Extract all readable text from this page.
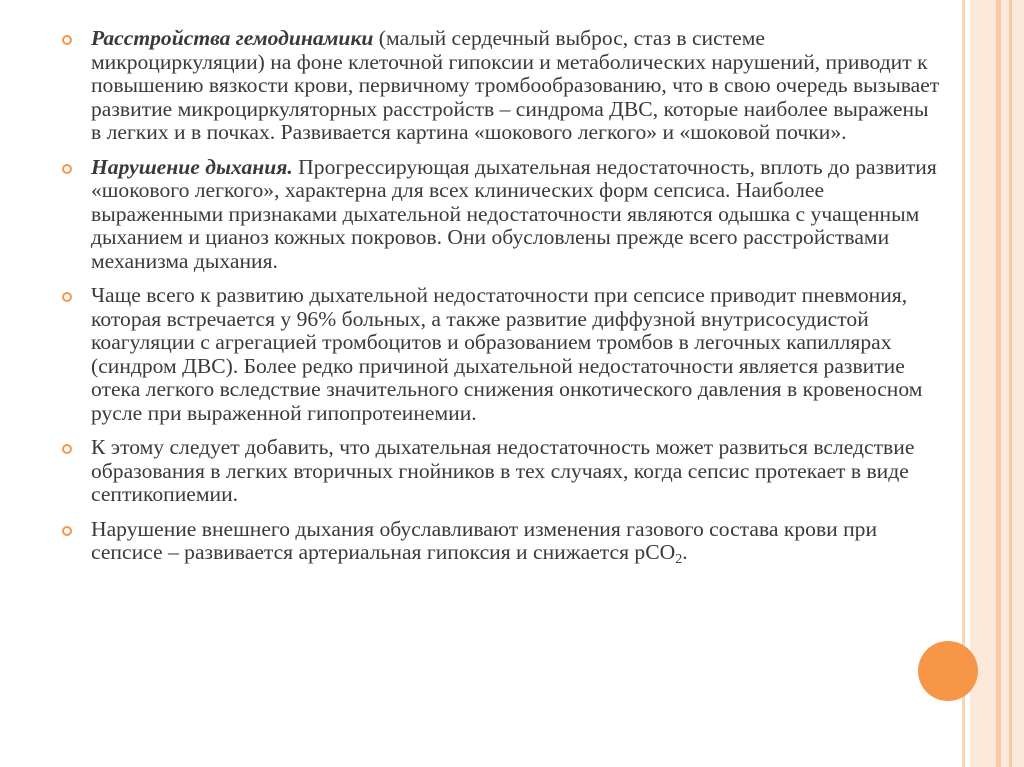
Расстройства гемодинамики (малый сердечный выброс, стаз в системе микроциркуляции) на фоне клеточной гипоксии и метаболических нарушений, приводит к повышению вязкости крови, первичному тромбообразованию, что в свою очередь вызывает развитие микроциркуляторных расстройств – синдрома ДВС, которые наиболее выражены в легких и в почках. Развивается картина «шокового легкого» и «шоковой почки».
Нарушение дыхания. Прогрессирующая дыхательная недостаточность, вплоть до развития «шокового легкого», характерна для всех клинических форм сепсиса. Наиболее выраженными признаками дыхательной недостаточности являются одышка с учащенным дыханием и цианоз кожных покровов. Они обусловлены прежде всего расстройствами механизма дыхания.
Чаще всего к развитию дыхательной недостаточности при сепсисе приводит пневмония, которая встречается у 96% больных, а также развитие диффузной внутрисосудистой коагуляции с агрегацией тромбоцитов и образованием тромбов в легочных капиллярах (синдром ДВС). Более редко причиной дыхательной недостаточности является развитие отека легкого вследствие значительного снижения онкотического давления в кровеносном русле при выраженной гипопротеинемии.
К этому следует добавить, что дыхательная недостаточность может развиться вследствие образования в легких вторичных гнойников в тех случаях, когда сепсис протекает в виде септикопиемии.
Нарушение внешнего дыхания обуславливают изменения газового состава крови при сепсисе – развивается артериальная гипоксия и снижается рСО$_2$.
